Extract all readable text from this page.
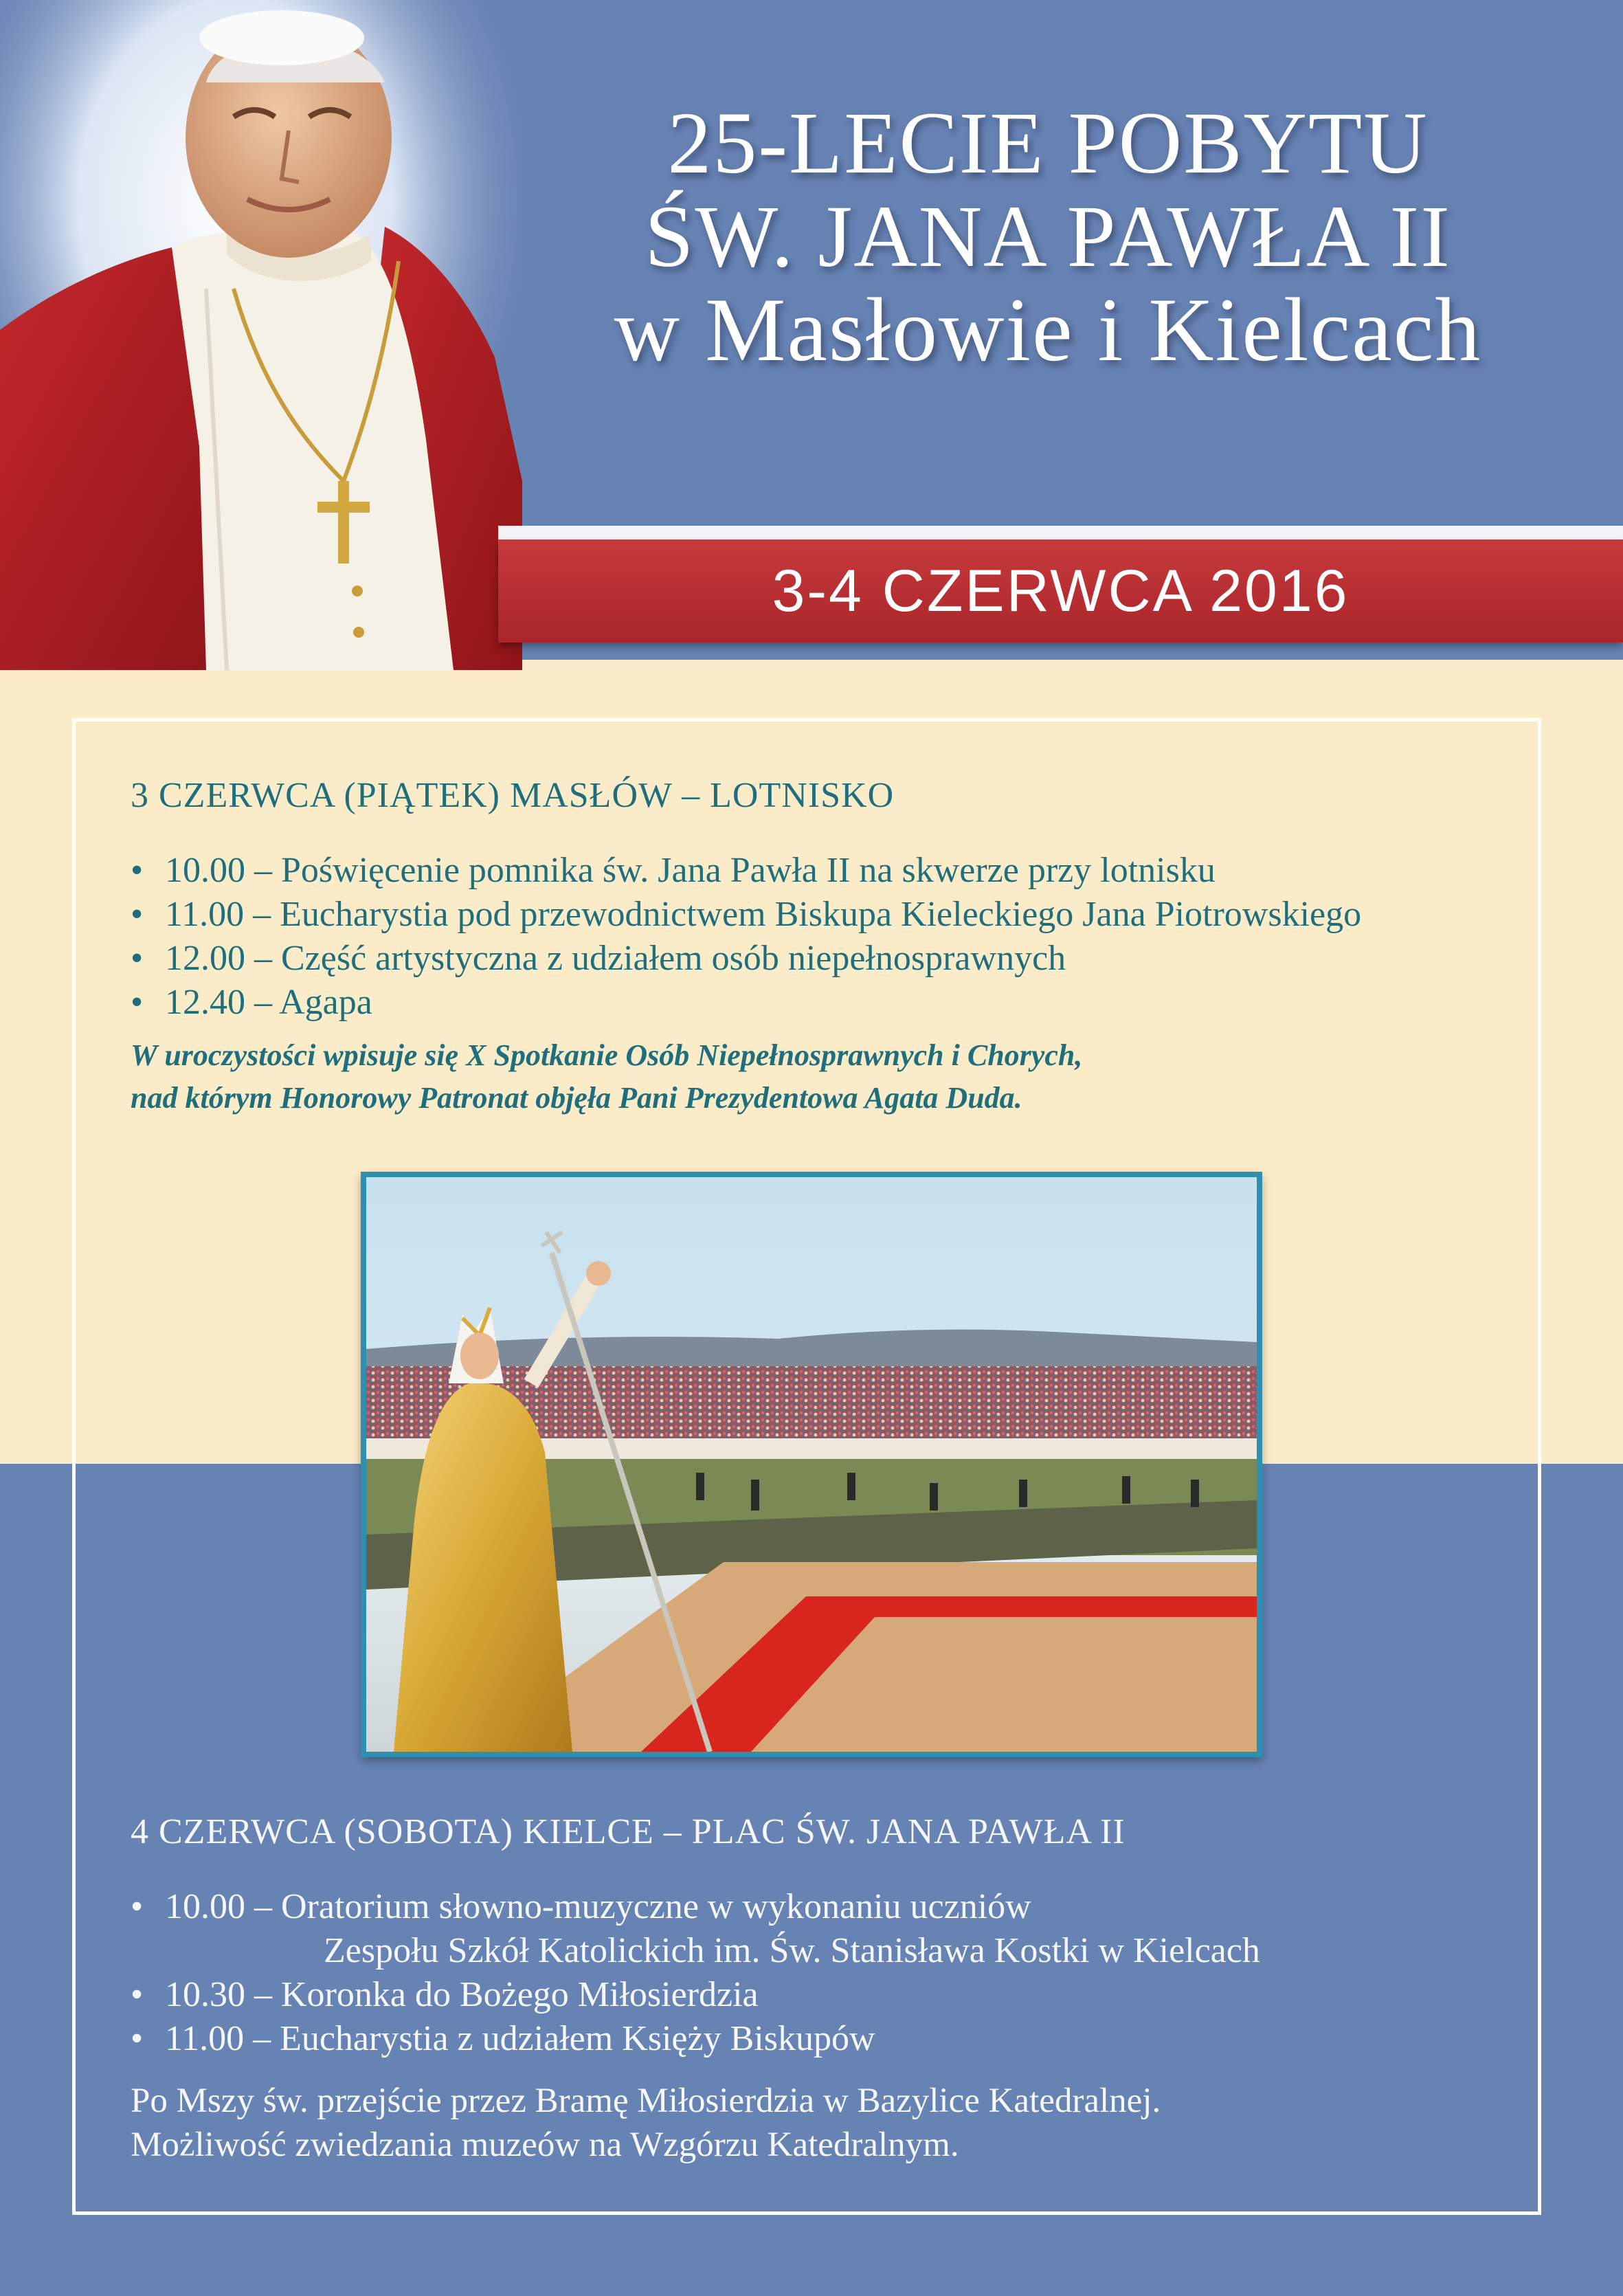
25-LECIE POBYTU
ŚW. JANA PAWŁA II
w Masłowie i Kielcach
3-4 CZERWCA 2016
3 CZERWCA (PIĄTEK) MASŁÓW – LOTNISKO
• 10.00 – Poświęcenie pomnika św. Jana Pawła II na skwerze przy lotnisku
• 11.00 – Eucharystia pod przewodnictwem Biskupa Kieleckiego Jana Piotrowskiego
• 12.00 – Część artystyczna z udziałem osób niepełnosprawnych
• 12.40 – Agapa
W uroczystości wpisuje się X Spotkanie Osób Niepełnosprawnych i Chorych,
nad którym Honorowy Patronat objęła Pani Prezydentowa Agata Duda.
4 CZERWCA (SOBOTA) KIELCE – PLAC ŚW. JANA PAWŁA II
• 10.00 – Oratorium słowno-muzyczne w wykonaniu uczniów
Zespołu Szkół Katolickich im. Św. Stanisława Kostki w Kielcach
• 10.30 – Koronka do Bożego Miłosierdzia
• 11.00 – Eucharystia z udziałem Księży Biskupów
Po Mszy św. przejście przez Bramę Miłosierdzia w Bazylice Katedralnej.
Możliwość zwiedzania muzeów na Wzgórzu Katedralnym.
